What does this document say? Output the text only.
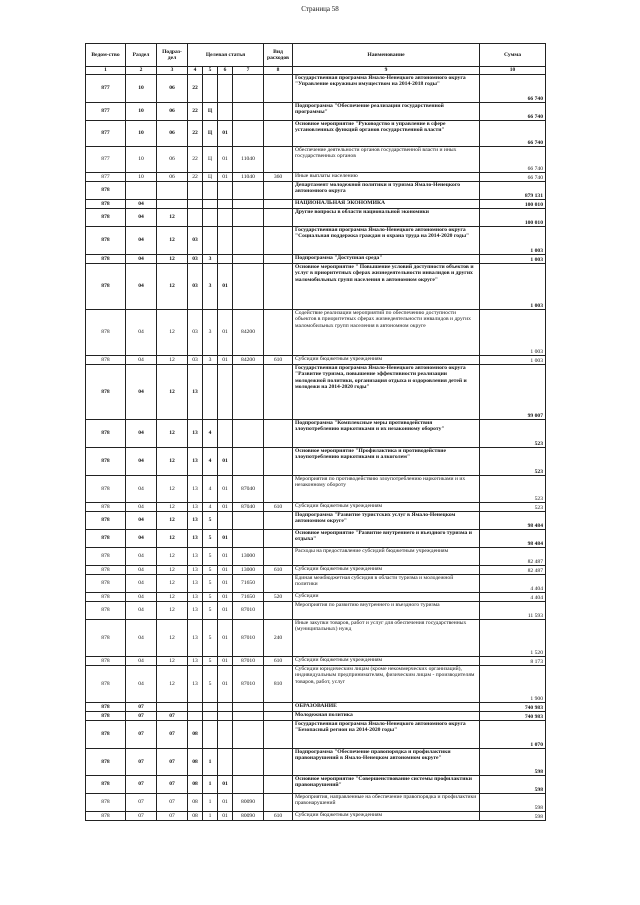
Страница 58
Ведом-ство	Раздел	Подраз-дел	Целевая статья				Вид расходов	Наименование	Сумма
1	2	3	4	5	6	7	8	9	10
877	10	06	22					Государственная программа Ямало-Ненецкого автономного округа "Управление окружным имуществом на 2014-2018 годы"	66 740
877	10	06	22	Ц				Подпрограмма "Обеспечение реализации государственной программы"	66 740
877	10	06	22	Ц	01			Основное мероприятие "Руководство и управление в сфере установленных функций органов государственной власти"	66 740
877	10	06	22	Ц	01	11040		Обеспечение деятельности органов государственной власти и иных государственных органов	66 740
877	10	06	22	Ц	01	11040	360	Иные выплаты населению	66 740
878								Департамент молодежной политики и туризма Ямало-Ненецкого автономного округа	879 131
878	04							НАЦИОНАЛЬНАЯ ЭКОНОМИКА	100 010
878	04	12						Другие вопросы в области национальной экономики	100 010
878	04	12	03					Государственная программа Ямало-Ненецкого автономного округа "Социальная поддержка граждан и охрана труда на 2014-2020 годы"	1 003
878	04	12	03	3				Подпрограмма "Доступная среда"	1 003
878	04	12	03	3	01			Основное мероприятие " Повышение условий доступности объектов и услуг в приоритетных сферах жизнедеятельности инвалидов и других маломобильных групп населения в автономном округе"	1 003
878	04	12	03	3	01	84200		Содействие реализации мероприятий по обеспечению доступности объектов в приоритетных сферах жизнедеятельности инвалидов и других маломобильных групп населения в автономном округе	1 003
878	04	12	03	3	01	84200	610	Субсидии бюджетным учреждениям	1 003
878	04	12	13					Государственная программа Ямало-Ненецкого автономного округа "Развитие туризма, повышение эффективности реализации молодежной политики, организация отдыха и оздоровления детей и молодежи на 2014-2020 годы"	99 007
878	04	12	13	4				Подпрограмма "Комплексные меры противодействия злоупотреблению наркотиками и их незаконному обороту"	523
878	04	12	13	4	01			Основное мероприятие "Профилактика и противодействие злоупотреблению наркотиками и алкоголем"	523
878	04	12	13	4	01	87040		Мероприятия по противодействию злоупотреблению наркотиками и их незаконному обороту	523
878	04	12	13	4	01	87040	610	Субсидии бюджетным учреждениям	523
878	04	12	13	5				Подпрограмма "Развитие туристских услуг в Ямало-Ненецком автономном округе"	98 484
878	04	12	13	5	01			Основное мероприятие "Развитие внутреннего и въездного туризма и отдыха"	98 484
878	04	12	13	5	01	13000		Расходы на предоставление субсидий бюджетным учреждениям	82 487
878	04	12	13	5	01	13000	610	Субсидии бюджетным учреждениям	82 487
878	04	12	13	5	01	71650		Единая межбюджетная субсидия в области туризма и молодежной политики	4 404
878	04	12	13	5	01	71650	520	Субсидии	4 404
878	04	12	13	5	01	87010		Мероприятия по развитию внутреннего и въездного туризма	11 593
878	04	12	13	5	01	87010	240	Иные закупки товаров, работ и услуг для обеспечения государственных (муниципальных) нужд	1 520
878	04	12	13	5	01	87010	610	Субсидии бюджетным учреждениям	8 173
878	04	12	13	5	01	87010	810	Субсидии юридическим лицам (кроме некоммерческих организаций), индивидуальным предпринимателям, физическим лицам - производителям товаров, работ, услуг	1 900
878	07							ОБРАЗОВАНИЕ	740 983
878	07	07						Молодежная политика	740 983
878	07	07	08					Государственная программа Ямало-Ненецкого автономного округа "Безопасный регион на 2014-2020 годы"	1 070
878	07	07	08	1				Подпрограмма "Обеспечение правопорядка и профилактики правонарушений в Ямало-Ненецком автономном округе"	598
878	07	07	08	1	01			Основное мероприятие "Совершенствование системы профилактики правонарушений"	598
878	07	07	08	1	01	80090		Мероприятия, направленные на обеспечение правопорядка и профилактики правонарушений	598
878	07	07	08	1	01	80090	610	Субсидии бюджетным учреждениям	598
